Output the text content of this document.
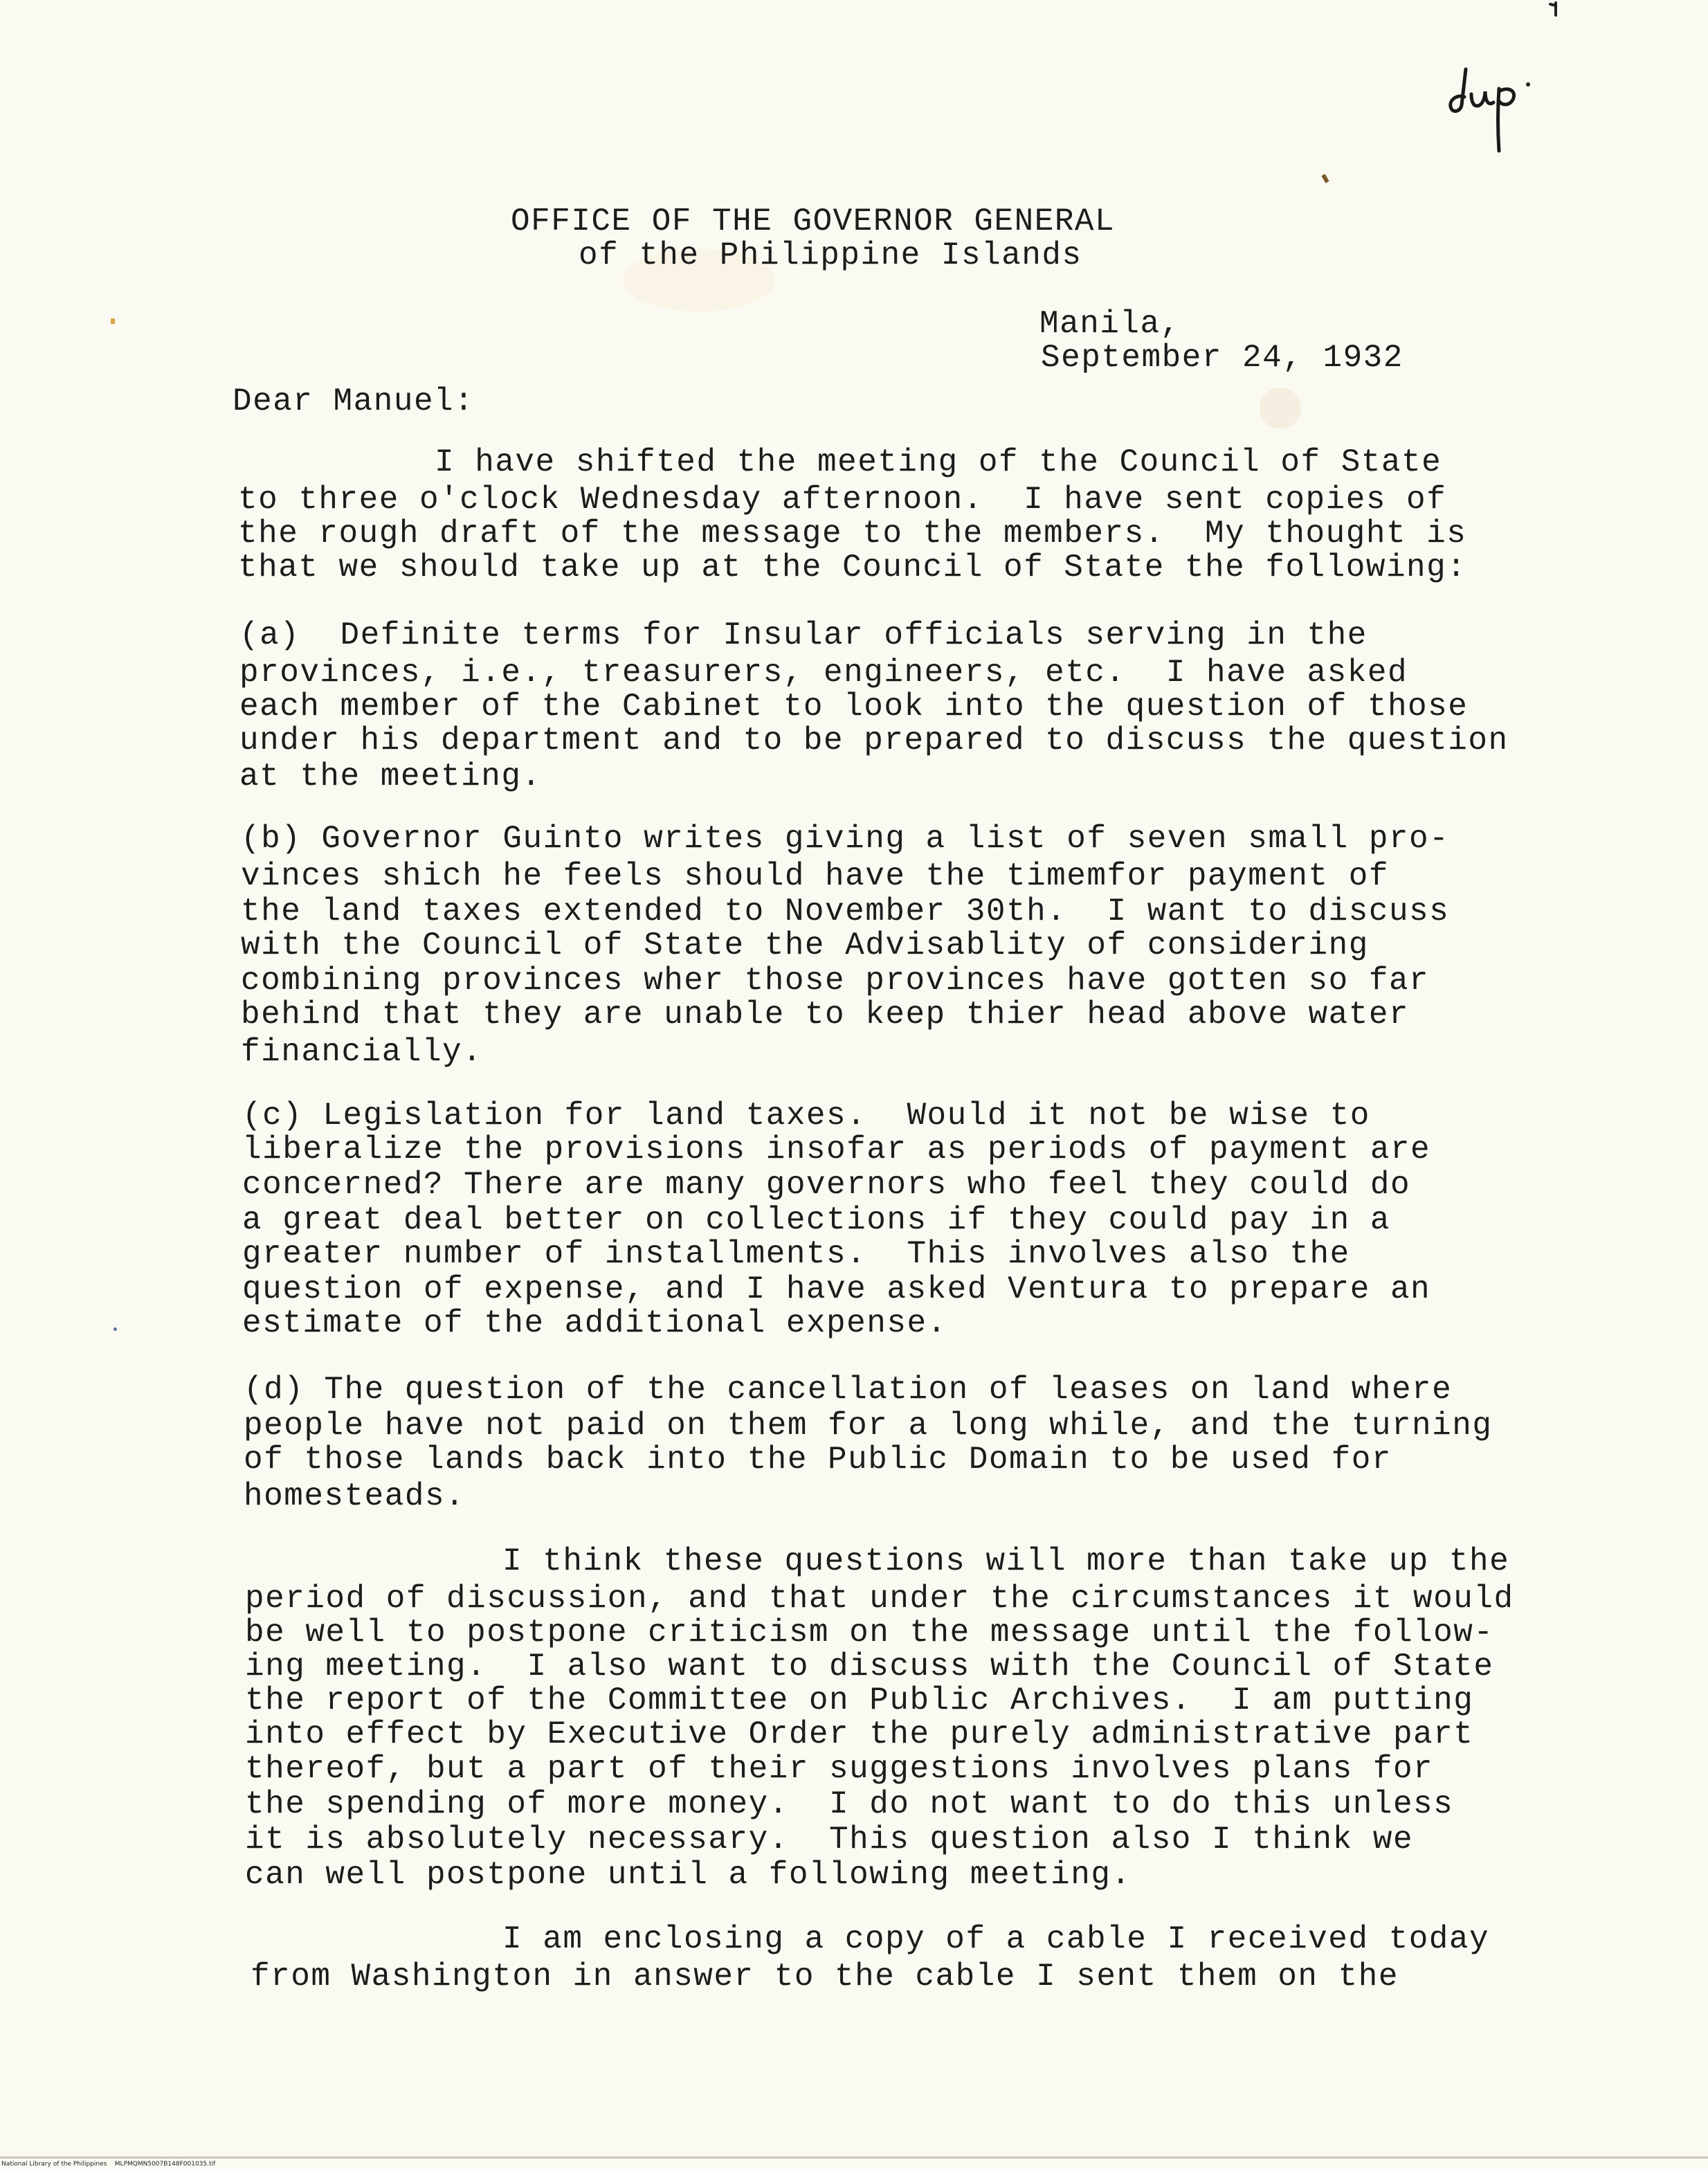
OFFICE OF THE GOVERNOR GENERAL
of the Philippine Islands
Manila,
September 24, 1932
Dear Manuel:
I have shifted the meeting of the Council of State
to three o'clock Wednesday afternoon.  I have sent copies of
the rough draft of the message to the members.  My thought is
that we should take up at the Council of State the following:
(a)  Definite terms for Insular officials serving in the
provinces, i.e., treasurers, engineers, etc.  I have asked
each member of the Cabinet to look into the question of those
under his department and to be prepared to discuss the question
at the meeting.
(b) Governor Guinto writes giving a list of seven small pro-
vinces shich he feels should have the timemfor payment of
the land taxes extended to November 30th.  I want to discuss
with the Council of State the Advisablity of considering
combining provinces wher those provinces have gotten so far
behind that they are unable to keep thier head above water
financially.
(c) Legislation for land taxes.  Would it not be wise to
liberalize the provisions insofar as periods of payment are
concerned? There are many governors who feel they could do
a great deal better on collections if they could pay in a
greater number of installments.  This involves also the
question of expense, and I have asked Ventura to prepare an
estimate of the additional expense.
(d) The question of the cancellation of leases on land where
people have not paid on them for a long while, and the turning
of those lands back into the Public Domain to be used for
homesteads.
I think these questions will more than take up the
period of discussion, and that under the circumstances it would
be well to postpone criticism on the message until the follow-
ing meeting.  I also want to discuss with the Council of State
the report of the Committee on Public Archives.  I am putting
into effect by Executive Order the purely administrative part
thereof, but a part of their suggestions involves plans for
the spending of more money.  I do not want to do this unless
it is absolutely necessary.  This question also I think we
can well postpone until a following meeting.
I am enclosing a copy of a cable I received today
from Washington in answer to the cable I sent them on the
National Library of the Philippines    MLPMQMN5007B148F001035.tif
